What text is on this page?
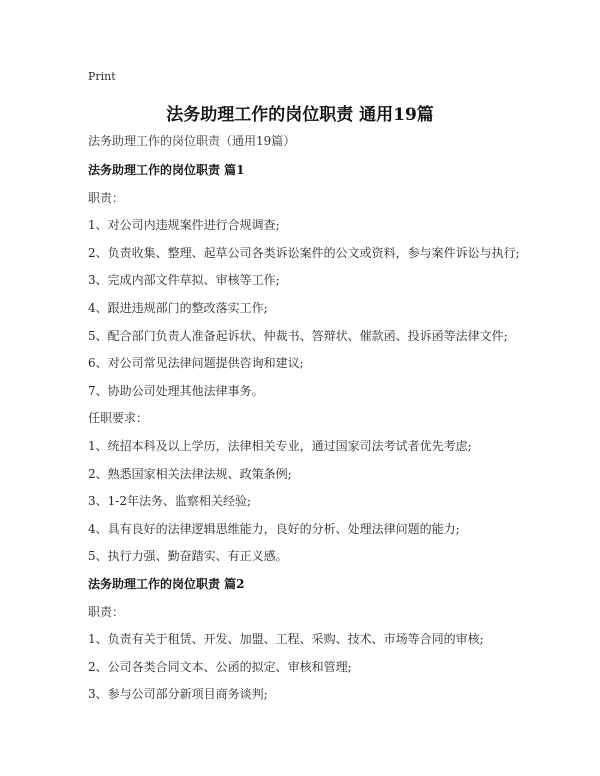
Print
法务助理工作的岗位职责 通用19篇
法务助理工作的岗位职责（通用19篇）
法务助理工作的岗位职责 篇1
职责：
1、对公司内违规案件进行合规调查;
2、负责收集、整理、起草公司各类诉讼案件的公文或资料，参与案件诉讼与执行;
3、完成内部文件草拟、审核等工作;
4、跟进违规部门的整改落实工作;
5、配合部门负责人准备起诉状、仲裁书、答辩状、催款函、投诉函等法律文件;
6、对公司常见法律问题提供咨询和建议;
7、协助公司处理其他法律事务。
任职要求：
1、统招本科及以上学历，法律相关专业，通过国家司法考试者优先考虑;
2、熟悉国家相关法律法规、政策条例;
3、1-2年法务、监察相关经验;
4、具有良好的法律逻辑思维能力，良好的分析、处理法律问题的能力;
5、执行力强、勤奋踏实、有正义感。
法务助理工作的岗位职责 篇2
职责：
1、负责有关于租赁、开发、加盟、工程、采购、技术、市场等合同的审核;
2、公司各类合同文本、公函的拟定、审核和管理;
3、参与公司部分新项目商务谈判;
